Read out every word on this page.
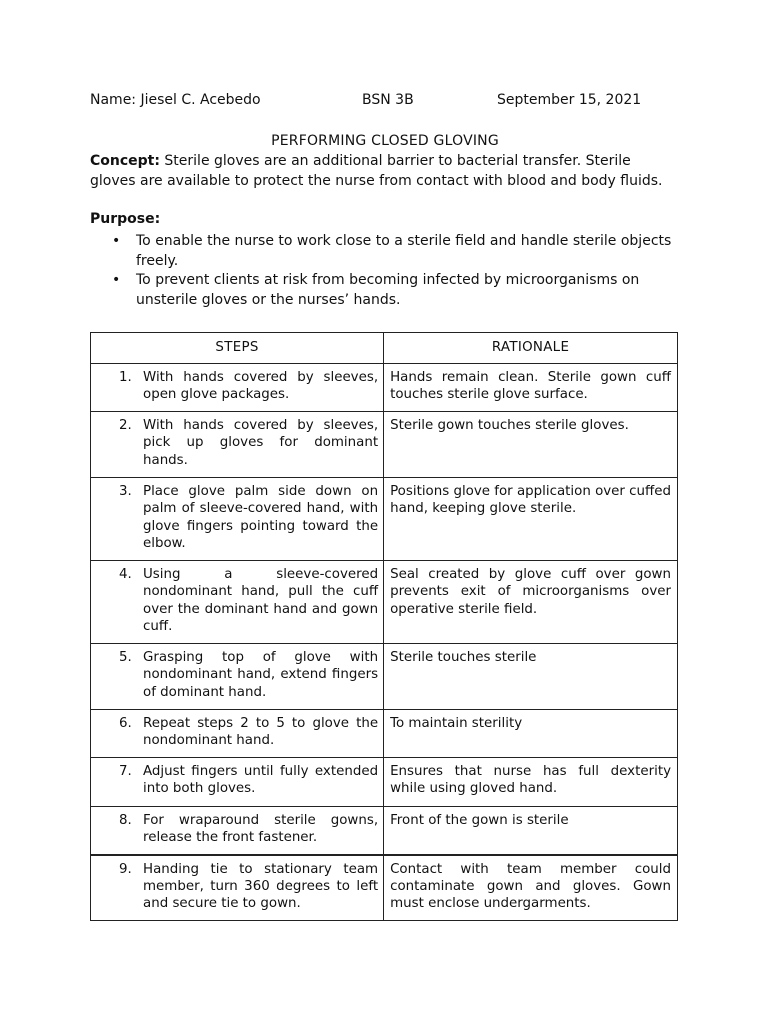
Name: Jiesel C. Acebedo	BSN 3B	September 15, 2021
PERFORMING CLOSED GLOVING
Concept: Sterile gloves are an additional barrier to bacterial transfer. Sterile gloves are available to protect the nurse from contact with blood and body fluids.
Purpose:
• To enable the nurse to work close to a sterile field and handle sterile objects freely.
• To prevent clients at risk from becoming infected by microorganisms on unsterile gloves or the nurses’ hands.
STEPS	RATIONALE

1. With hands covered by sleeves, open glove packages.	Hands remain clean. Sterile gown cuff touches sterile glove surface.

2. With hands covered by sleeves, pick up gloves for dominant hands.	Sterile gown touches sterile gloves.

3. Place glove palm side down on palm of sleeve-covered hand, with glove fingers pointing toward the elbow.	Positions glove for application over cuffed hand, keeping glove sterile.

4. Using a sleeve-covered nondominant hand, pull the cuff over the dominant hand and gown cuff.	Seal created by glove cuff over gown prevents exit of microorganisms over operative sterile field.

5. Grasping top of glove with nondominant hand, extend fingers of dominant hand.	Sterile touches sterile

6. Repeat steps 2 to 5 to glove the nondominant hand.	To maintain sterility

7. Adjust fingers until fully extended into both gloves.	Ensures that nurse has full dexterity while using gloved hand.

8. For wraparound sterile gowns, release the front fastener.	Front of the gown is sterile

9. Handing tie to stationary team member, turn 360 degrees to left and secure tie to gown.	Contact with team member could contaminate gown and gloves. Gown must enclose undergarments.
